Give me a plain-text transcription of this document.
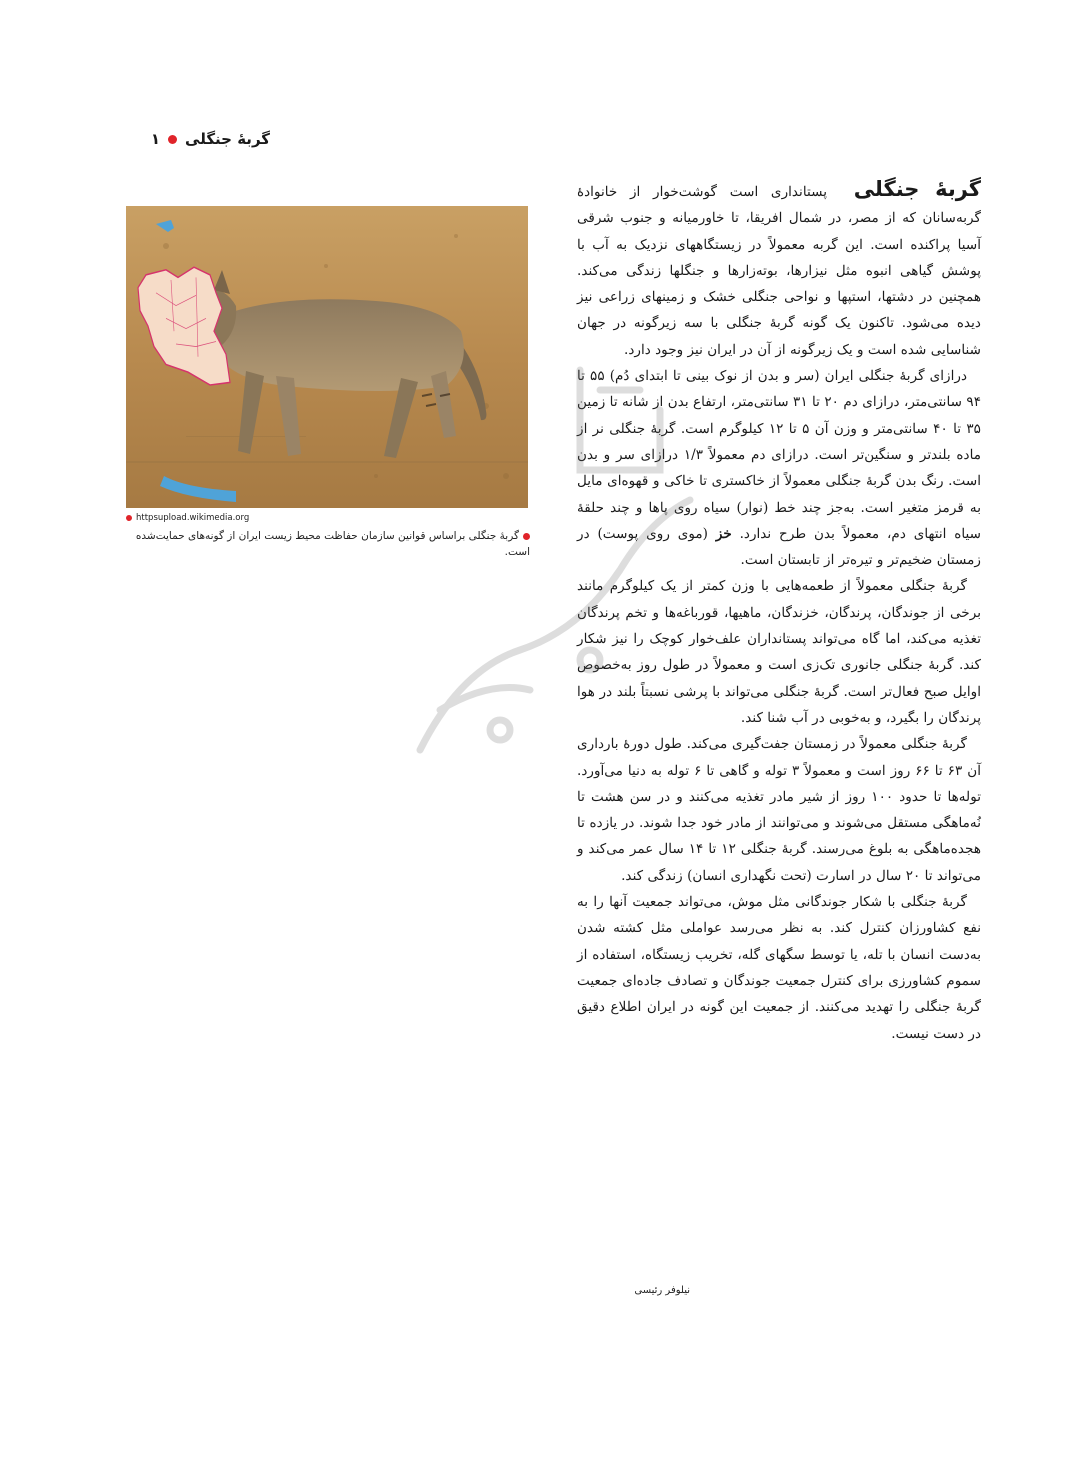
گربهٔ جنگلی
۱
httpsupload.wikimedia.org
گربهٔ جنگلی براساس قوانین سازمان حفاظت محیط زیست ایران از گونه‌های حمایت‌شده است.

گربهٔ جنگلی پستانداری است گوشت‌خوار از خانوادهٔ گربه‌سانان که از مصر، در شمال افریقا، تا خاورمیانه و جنوب شرقی آسیا پراکنده است. این گربه معمولاً در زیستگاههای نزدیک به آب با پوشش گیاهی انبوه مثل نیزارها، بوته‌زارها و جنگلها زندگی می‌کند. همچنین در دشتها، استپها و نواحی جنگلی خشک و زمینهای زراعی نیز دیده می‌شود. تاکنون یک گونه گربهٔ جنگلی با سه زیرگونه در جهان شناسایی شده است و یک زیرگونه از آن در ایران نیز وجود دارد.

درازای گربهٔ جنگلی ایران (سر و بدن از نوک بینی تا ابتدای دُم) ۵۵ تا ۹۴ سانتی‌متر، درازای دم ۲۰ تا ۳۱ سانتی‌متر، ارتفاع بدن از شانه تا زمین ۳۵ تا ۴۰ سانتی‌متر و وزن آن ۵ تا ۱۲ کیلوگرم است. گربهٔ جنگلی نر از ماده بلندتر و سنگین‌تر است. درازای دم معمولاً ۱/۳ درازای سر و بدن است. رنگ بدن گربهٔ جنگلی معمولاً از خاکستری تا خاکی و قهوه‌ای مایل به قرمز متغیر است. به‌جز چند خط (نوار) سیاه روی پاها و چند حلقهٔ سیاه انتهای دم، معمولاً بدن طرح ندارد. خز (موی روی پوست) در زمستان ضخیم‌تر و تیره‌تر از تابستان است.

گربهٔ جنگلی معمولاً از طعمه‌هایی با وزن کمتر از یک کیلوگرم مانند برخی از جوندگان، پرندگان، خزندگان، ماهیها، قورباغه‌ها و تخم پرندگان تغذیه می‌کند، اما گاه می‌تواند پستانداران علف‌خوار کوچک را نیز شکار کند. گربهٔ جنگلی جانوری تک‌زی است و معمولاً در طول روز به‌خصوص اوایل صبح فعال‌تر است. گربهٔ جنگلی می‌تواند با پرشی نسبتاً بلند در هوا پرندگان را بگیرد، و به‌خوبی در آب شنا کند.

گربهٔ جنگلی معمولاً در زمستان جفت‌گیری می‌کند. طول دورهٔ بارداری آن ۶۳ تا ۶۶ روز است و معمولاً ۳ توله و گاهی تا ۶ توله به دنیا می‌آورد. توله‌ها تا حدود ۱۰۰ روز از شیر مادر تغذیه می‌کنند و در سن هشت تا نُه‌ماهگی مستقل می‌شوند و می‌توانند از مادر خود جدا شوند. در یازده تا هجده‌ماهگی به بلوغ می‌رسند. گربهٔ جنگلی ۱۲ تا ۱۴ سال عمر می‌کند و می‌تواند تا ۲۰ سال در اسارت (تحت نگهداری انسان) زندگی کند.

گربهٔ جنگلی با شکار جوندگانی مثل موش، می‌تواند جمعیت آنها را به نفع کشاورزان کنترل کند. به نظر می‌رسد عواملی مثل کشته شدن به‌دست انسان با تله، یا توسط سگهای گله، تخریب زیستگاه، استفاده از سموم کشاورزی برای کنترل جمعیت جوندگان و تصادف جاده‌ای جمعیت گربهٔ جنگلی را تهدید می‌کنند. از جمعیت این گونه در ایران اطلاع دقیق در دست نیست.

نیلوفر رئیسی
